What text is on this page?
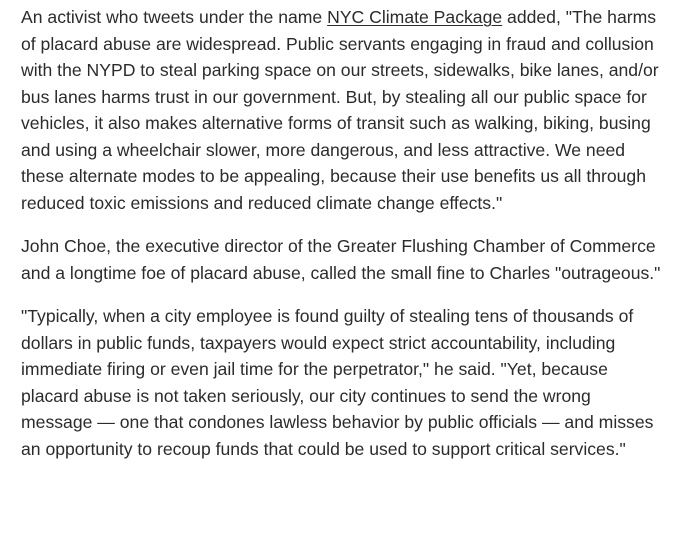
An activist who tweets under the name NYC Climate Package added, "The harms of placard abuse are widespread. Public servants engaging in fraud and collusion with the NYPD to steal parking space on our streets, sidewalks, bike lanes, and/or bus lanes harms trust in our government. But, by stealing all our public space for vehicles, it also makes alternative forms of transit such as walking, biking, busing and using a wheelchair slower, more dangerous, and less attractive. We need these alternate modes to be appealing, because their use benefits us all through reduced toxic emissions and reduced climate change effects."

John Choe, the executive director of the Greater Flushing Chamber of Commerce and a longtime foe of placard abuse, called the small fine to Charles "outrageous."

"Typically, when a city employee is found guilty of stealing tens of thousands of dollars in public funds, taxpayers would expect strict accountability, including immediate firing or even jail time for the perpetrator," he said. "Yet, because placard abuse is not taken seriously, our city continues to send the wrong message — one that condones lawless behavior by public officials — and misses an opportunity to recoup funds that could be used to support critical services."
